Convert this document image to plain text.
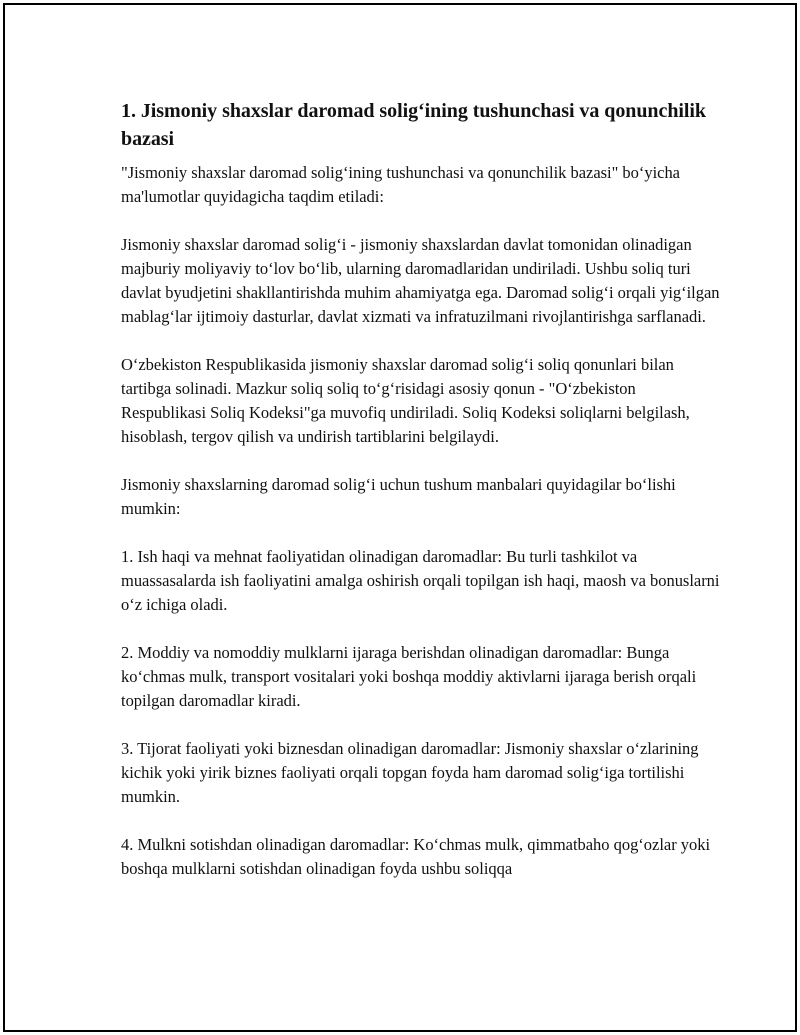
1. Jismoniy shaxslar daromad solig‘ining tushunchasi va qonunchilik bazasi

"Jismoniy shaxslar daromad solig‘ining tushunchasi va qonunchilik bazasi" bo‘yicha ma'lumotlar quyidagicha taqdim etiladi:

Jismoniy shaxslar daromad solig‘i - jismoniy shaxslardan davlat tomonidan olinadigan majburiy moliyaviy to‘lov bo‘lib, ularning daromadlaridan undiriladi. Ushbu soliq turi davlat byudjetini shakllantirishda muhim ahamiyatga ega. Daromad solig‘i orqali yig‘ilgan mablag‘lar ijtimoiy dasturlar, davlat xizmati va infratuzilmani rivojlantirishga sarflanadi.

O‘zbekiston Respublikasida jismoniy shaxslar daromad solig‘i soliq qonunlari bilan tartibga solinadi. Mazkur soliq soliq to‘g‘risidagi asosiy qonun - "O‘zbekiston Respublikasi Soliq Kodeksi"ga muvofiq undiriladi. Soliq Kodeksi soliqlarni belgilash, hisoblash, tergov qilish va undirish tartiblarini belgilaydi.

Jismoniy shaxslarning daromad solig‘i uchun tushum manbalari quyidagilar bo‘lishi mumkin:

1. Ish haqi va mehnat faoliyatidan olinadigan daromadlar: Bu turli tashkilot va muassasalarda ish faoliyatini amalga oshirish orqali topilgan ish haqi, maosh va bonuslarni o‘z ichiga oladi.

2. Moddiy va nomoddiy mulklarni ijaraga berishdan olinadigan daromadlar: Bunga ko‘chmas mulk, transport vositalari yoki boshqa moddiy aktivlarni ijaraga berish orqali topilgan daromadlar kiradi.

3. Tijorat faoliyati yoki biznesdan olinadigan daromadlar: Jismoniy shaxslar o‘zlarining kichik yoki yirik biznes faoliyati orqali topgan foyda ham daromad solig‘iga tortilishi mumkin.

4. Mulkni sotishdan olinadigan daromadlar: Ko‘chmas mulk, qimmatbaho qog‘ozlar yoki boshqa mulklarni sotishdan olinadigan foyda ushbu soliqqa
